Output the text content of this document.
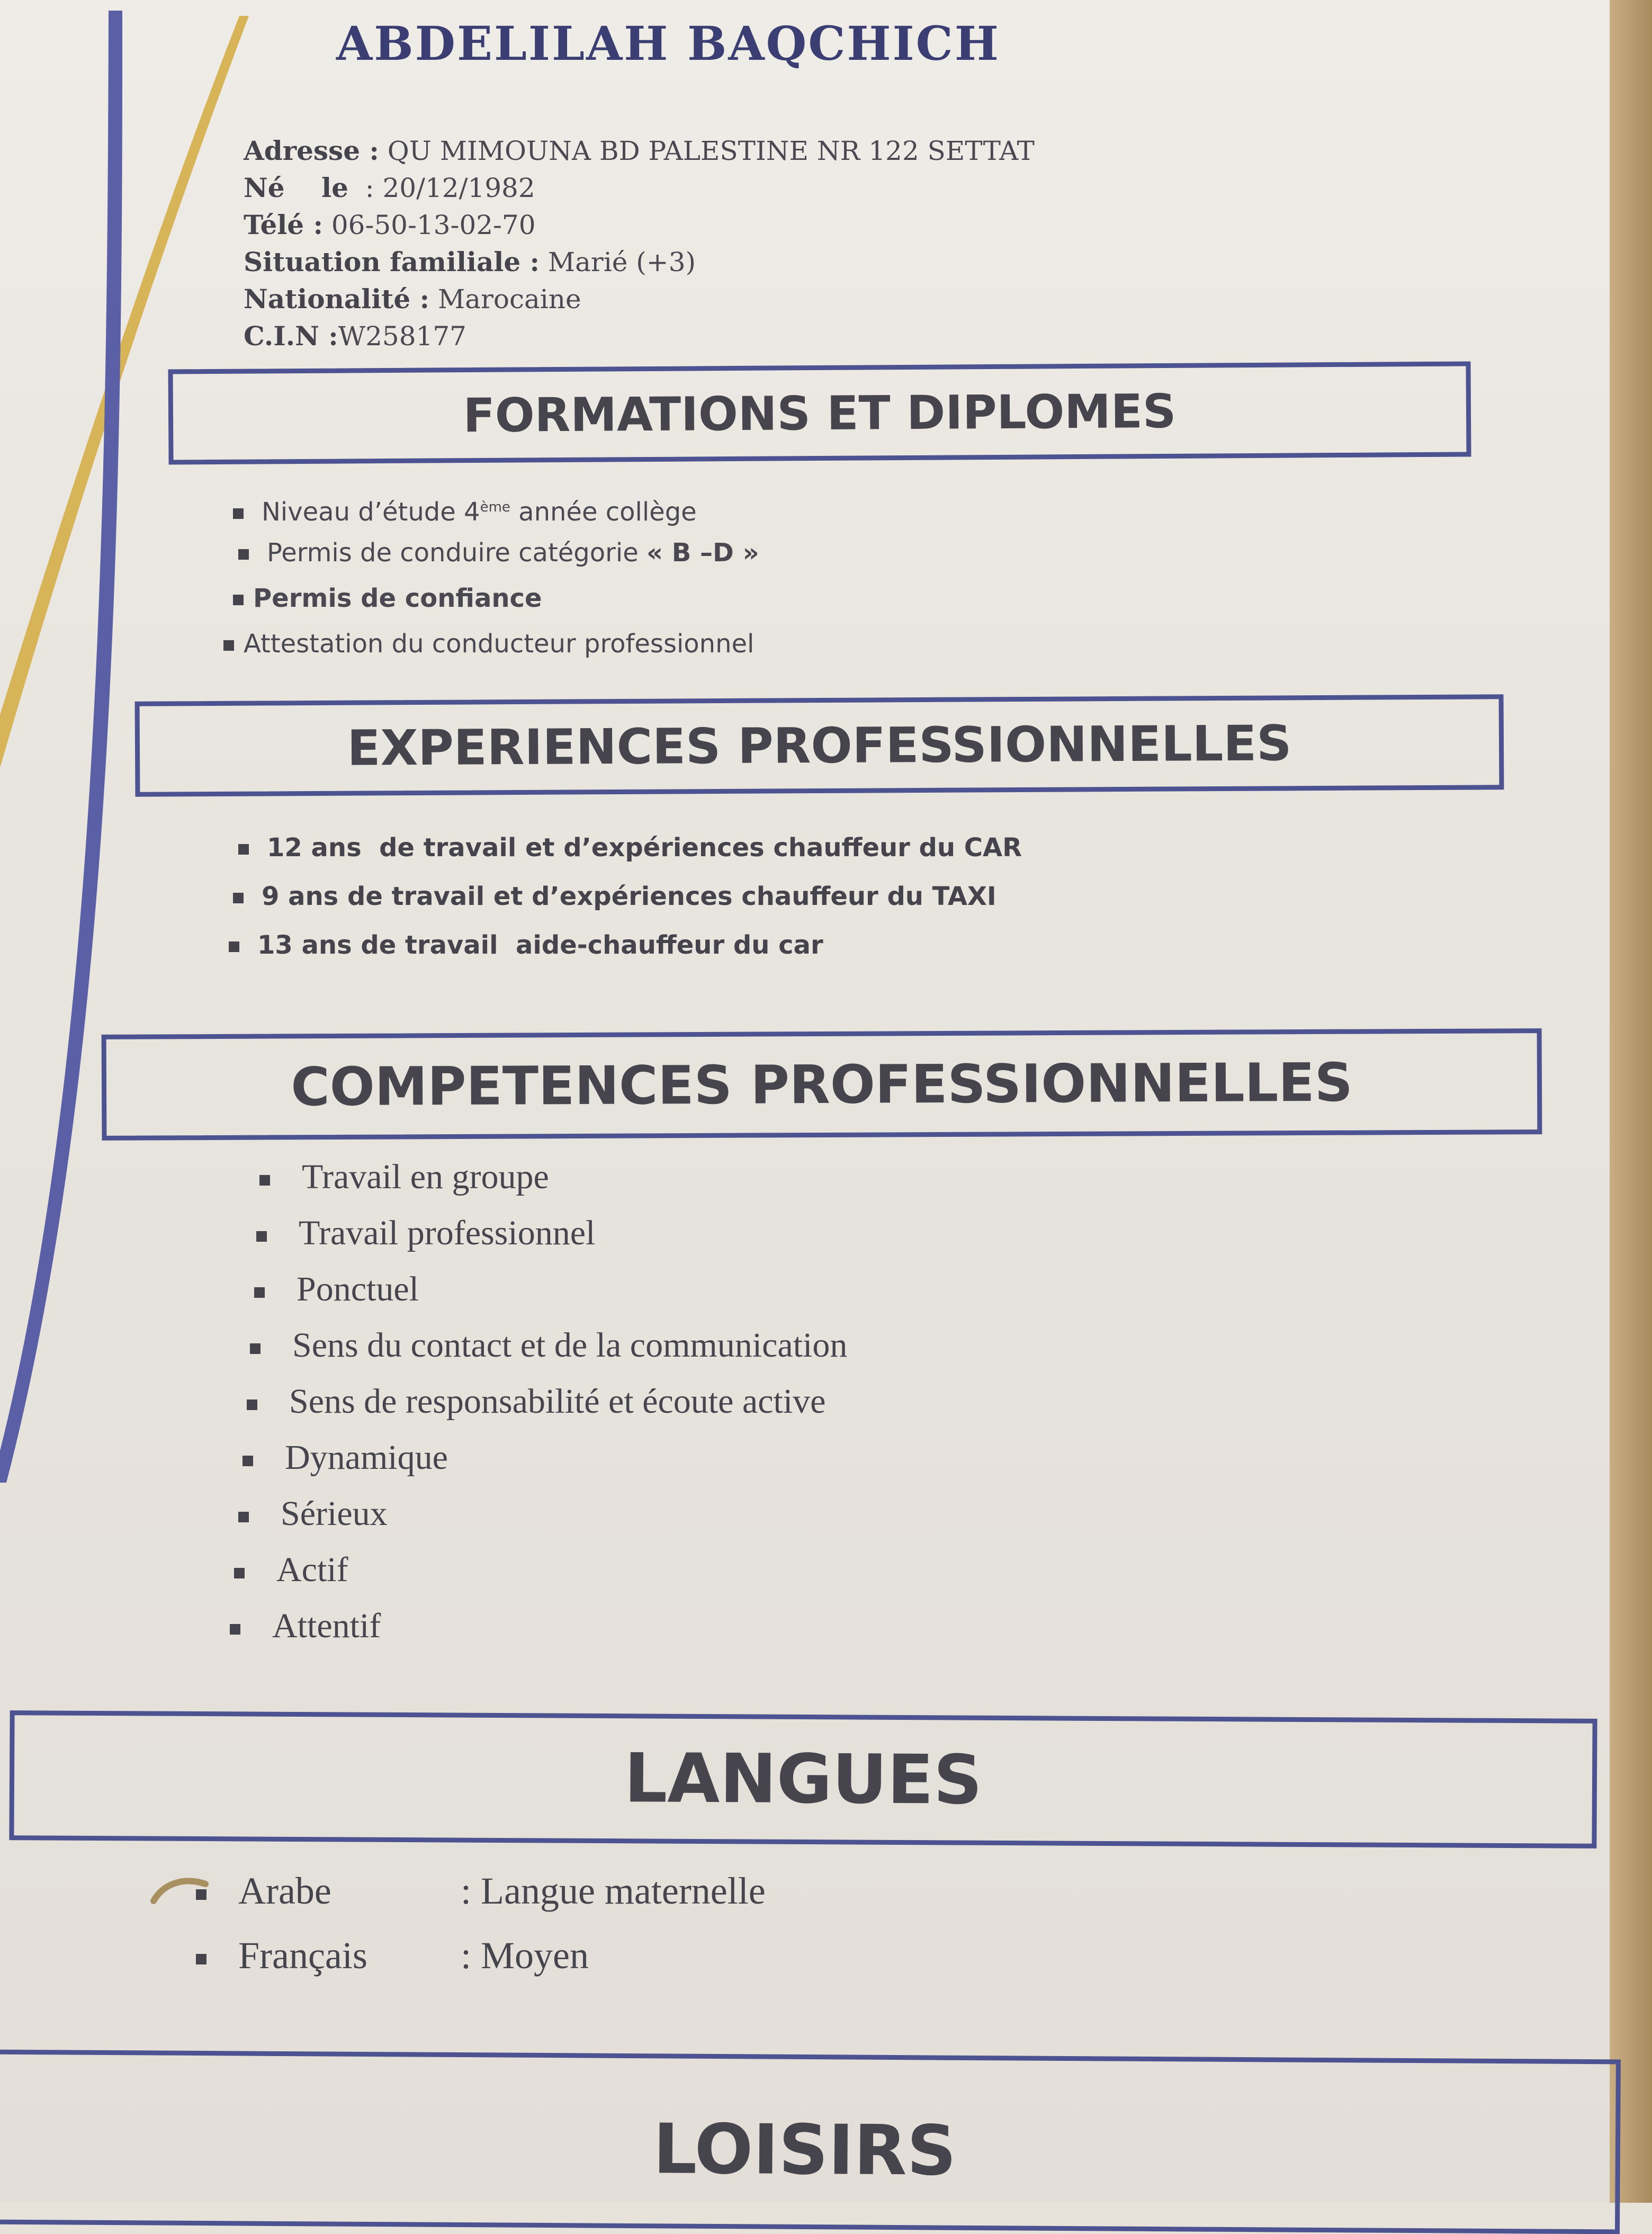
ABDELILAH BAQCHICH
Adresse : QU MIMOUNA BD PALESTINE NR 122 SETTAT
Né    le  : 20/12/1982
Télé : 06-50-13-02-70
Situation familiale : Marié (+3)
Nationalité : Marocaine
C.I.N :W258177
FORMATIONS ET DIPLOMES
Niveau d’étude 4ème année collège
Permis de conduire catégorie « B –D »
Permis de confiance
Attestation du conducteur professionnel
EXPERIENCES PROFESSIONNELLES
12 ans  de travail et d’expériences chauffeur du CAR
9 ans de travail et d’expériences chauffeur du TAXI
13 ans de travail  aide-chauffeur du car
COMPETENCES PROFESSIONNELLES
Travail en groupe
Travail professionnel
Ponctuel
Sens du contact et de la communication
Sens de responsabilité et écoute active
Dynamique
Sérieux
Actif
Attentif
LANGUES
Arabe	: Langue maternelle
Français : Moyen
LOISIRS
